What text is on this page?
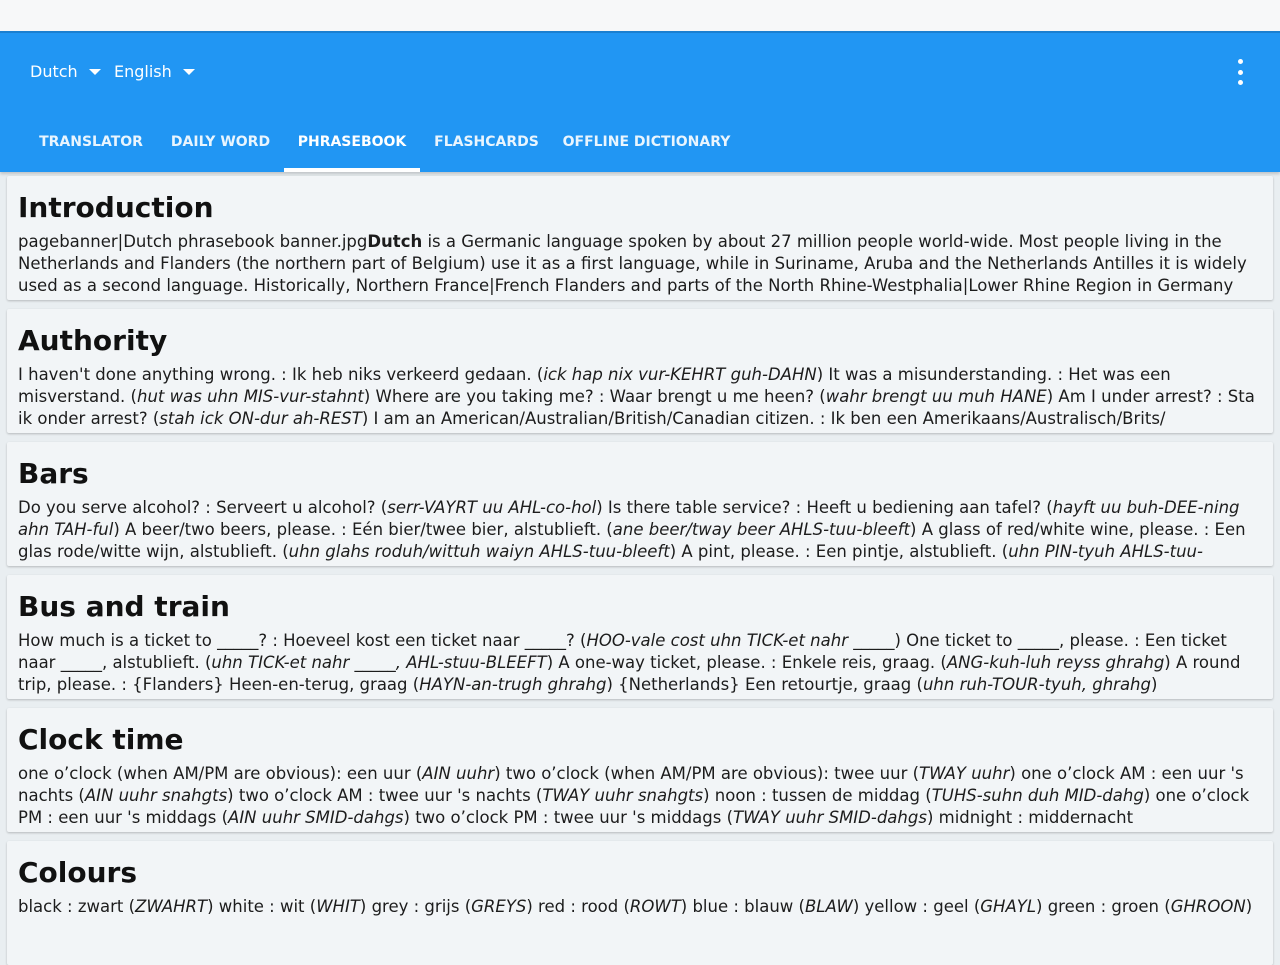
Dutch English
TRANSLATOR	DAILY WORD	PHRASEBOOK	FLASHCARDS	OFFLINE DICTIONARY
Introduction
pagebanner|Dutch phrasebook banner.jpgDutch is a Germanic language spoken by about 27 million people world-wide. Most people living in the Netherlands and Flanders (the northern part of Belgium) use it as a first language, while in Suriname, Aruba and the Netherlands Antilles it is widely used as a second language. Historically, Northern France|French Flanders and parts of the North Rhine-Westphalia|Lower Rhine Region in Germany
Authority
I haven't done anything wrong. : Ik heb niks verkeerd gedaan. (ick hap nix vur-KEHRT guh-DAHN) It was a misunderstanding. : Het was een misverstand. (hut was uhn MIS-vur-stahnt) Where are you taking me? : Waar brengt u me heen? (wahr brengt uu muh HANE) Am I under arrest? : Sta ik onder arrest? (stah ick ON-dur ah-REST) I am an American/Australian/British/Canadian citizen. : Ik ben een Amerikaans/Australisch/Brits/
Bars
Do you serve alcohol? : Serveert u alcohol? (serr-VAYRT uu AHL-co-hol) Is there table service? : Heeft u bediening aan tafel? (hayft uu buh-DEE-ning ahn TAH-ful) A beer/two beers, please. : Eén bier/twee bier, alstublieft. (ane beer/tway beer AHLS-tuu-bleeft) A glass of red/white wine, please. : Een glas rode/witte wijn, alstublieft. (uhn glahs roduh/wittuh waiyn AHLS-tuu-bleeft) A pint, please. : Een pintje, alstublieft. (uhn PIN-tyuh AHLS-tuu-
Bus and train
How much is a ticket to _____? : Hoeveel kost een ticket naar _____? (HOO-vale cost uhn TICK-et nahr _____) One ticket to _____, please. : Een ticket naar _____, alstublieft. (uhn TICK-et nahr _____, AHL-stuu-BLEEFT) A one-way ticket, please. : Enkele reis, graag. (ANG-kuh-luh reyss ghrahg) A round trip, please. : {Flanders} Heen-en-terug, graag (HAYN-an-trugh ghrahg) {Netherlands} Een retourtje, graag (uhn ruh-TOUR-tyuh, ghrahg)
Clock time
one o’clock (when AM/PM are obvious): een uur (AIN uuhr) two o’clock (when AM/PM are obvious): twee uur (TWAY uuhr) one o’clock AM : een uur 's nachts (AIN uuhr snahgts) two o’clock AM : twee uur 's nachts (TWAY uuhr snahgts) noon : tussen de middag (TUHS-suhn duh MID-dahg) one o’clock PM : een uur 's middags (AIN uuhr SMID-dahgs) two o’clock PM : twee uur 's middags (TWAY uuhr SMID-dahgs) midnight : middernacht
Colours
black : zwart (ZWAHRT) white : wit (WHIT) grey : grijs (GREYS) red : rood (ROWT) blue : blauw (BLAW) yellow : geel (GHAYL) green : groen (GHROON)
